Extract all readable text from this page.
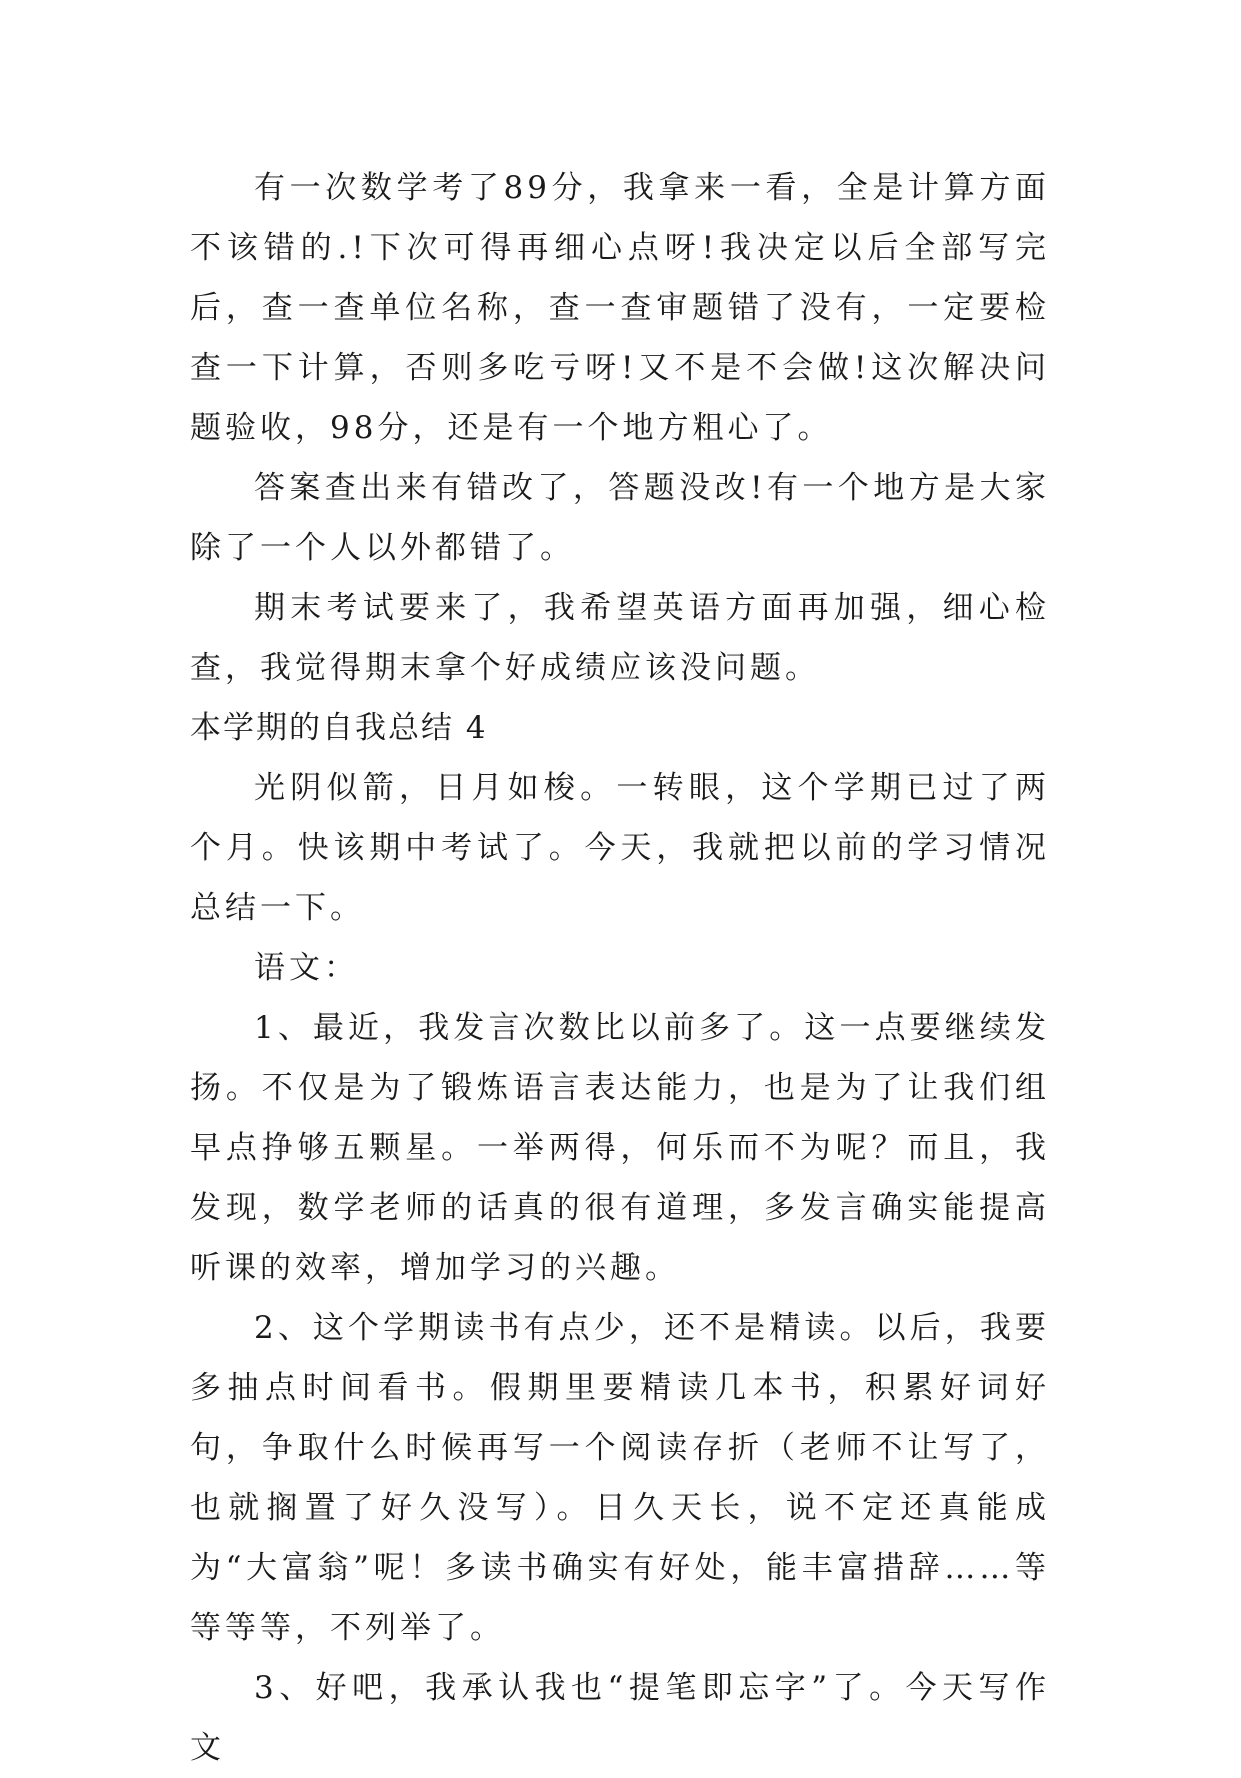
有一次数学考了89分，我拿来一看，全是计算方面不该错的.!下次可得再细心点呀!我决定以后全部写完后，查一查单位名称，查一查审题错了没有，一定要检查一下计算，否则多吃亏呀!又不是不会做!这次解决问题验收，98分，还是有一个地方粗心了。

答案查出来有错改了，答题没改!有一个地方是大家除了一个人以外都错了。

期末考试要来了，我希望英语方面再加强，细心检查，我觉得期末拿个好成绩应该没问题。

本学期的自我总结 4

光阴似箭，日月如梭。一转眼，这个学期已过了两个月。快该期中考试了。今天，我就把以前的学习情况总结一下。

语文：

1、最近，我发言次数比以前多了。这一点要继续发扬。不仅是为了锻炼语言表达能力，也是为了让我们组早点挣够五颗星。一举两得，何乐而不为呢？而且，我发现，数学老师的话真的很有道理，多发言确实能提高听课的效率，增加学习的兴趣。

2、这个学期读书有点少，还不是精读。以后，我要多抽点时间看书。假期里要精读几本书，积累好词好句，争取什么时候再写一个阅读存折（老师不让写了，也就搁置了好久没写）。日久天长，说不定还真能成为“大富翁”呢！多读书确实有好处，能丰富措辞……等等等等，不列举了。

3、好吧，我承认我也“提笔即忘字”了。今天写作文
